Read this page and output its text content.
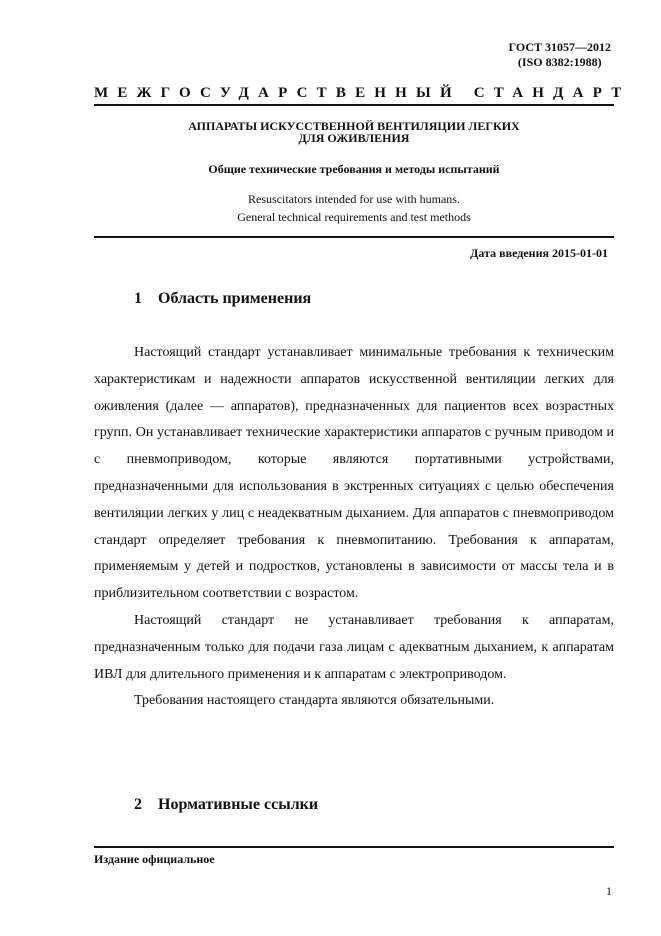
ГОСТ 31057—2012
(ISO 8382:1988)
МЕЖГОСУДАРСТВЕННЫЙ СТАНДАРТ
АППАРАТЫ ИСКУССТВЕННОЙ ВЕНТИЛЯЦИИ ЛЕГКИХ
ДЛЯ ОЖИВЛЕНИЯ
Общие технические требования и методы испытаний
Resuscitators intended for use with humans.
General technical requirements and test methods
Дата введения 2015-01-01
1 Область применения

Настоящий стандарт устанавливает минимальные требования к техническим характеристикам и надежности аппаратов искусственной вентиляции легких для оживления (далее — аппаратов), предназначенных для пациентов всех возрастных групп. Он устанавливает технические характеристики аппаратов с ручным приводом и с пневмоприводом, которые являются портативными устройствами, предназначенными для использования в экстренных ситуациях с целью обеспечения вентиляции легких у лиц с неадекватным дыханием. Для аппаратов с пневмоприводом стандарт определяет требования к пневмопитанию. Требования к аппаратам, применяемым у детей и подростков, установлены в зависимости от массы тела и в приблизительном соответствии с возрастом.

Настоящий стандарт не устанавливает требования к аппаратам, предназначенным только для подачи газа лицам с адекватным дыханием, к аппаратам ИВЛ для длительного применения и к аппаратам с электроприводом.

Требования настоящего стандарта являются обязательными.

2 Нормативные ссылки
Издание официальное
1
